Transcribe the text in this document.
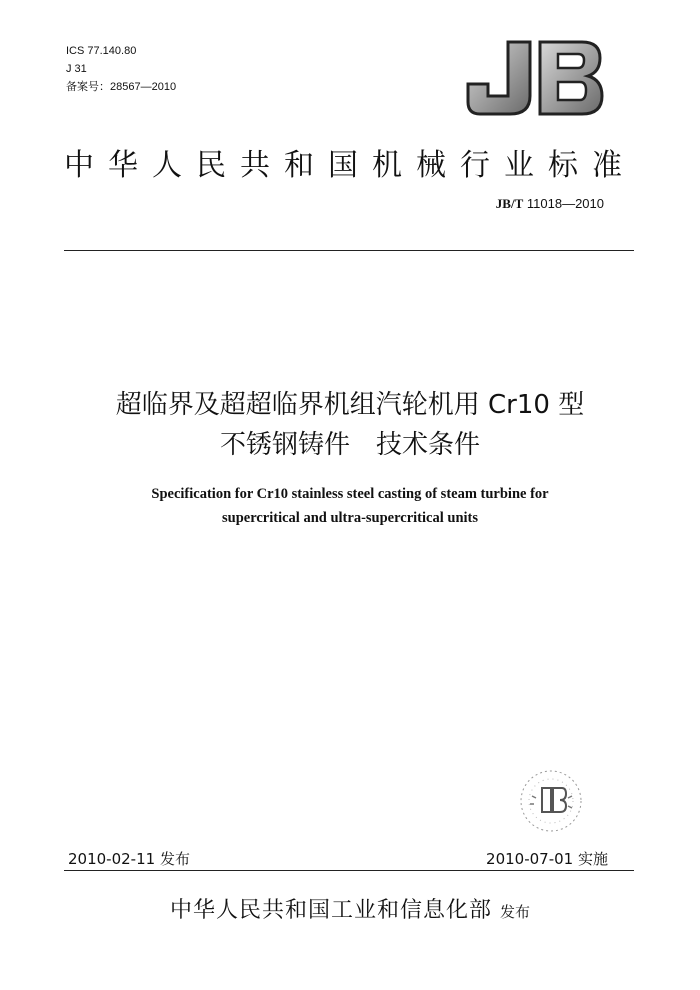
ICS 77.140.80
J 31
备案号：28567—2010
中华人民共和国机械行业标准
JB/T 11018—2010
超临界及超超临界机组汽轮机用 Cr10 型
不锈钢铸件　技术条件
Specification for Cr10 stainless steel casting of steam turbine for
supercritical and ultra-supercritical units
2010-02-11 发布	2010-07-01 实施
中华人民共和国工业和信息化部 发布
